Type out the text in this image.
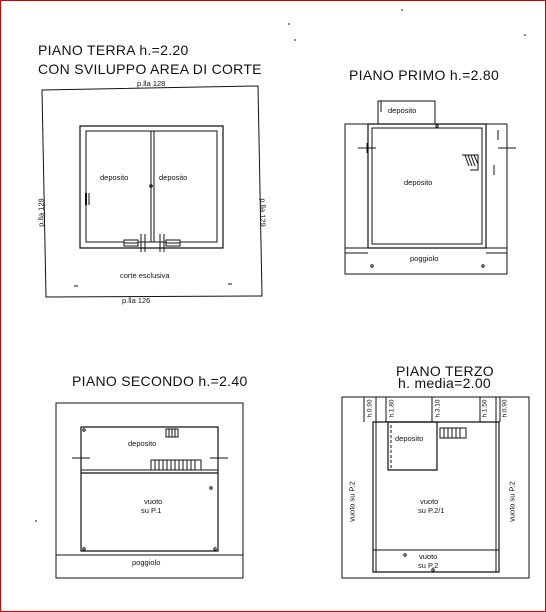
PIANO TERRA h.=2.20
CON SVILUPPO AREA DI CORTE
p.lla 128
deposito	deposito
p.lla 129	p.lla 129
corte esclusiva
p.lla 126
PIANO PRIMO h.=2.80
deposito
deposito
poggiolo
PIANO SECONDO h.=2.40
deposito
vuoto
su P.1
poggiolo
PIANO TERZO
h. media=2.00
h.0.90 h.1.80	h.3.10	h.1.50 h.0.90
deposito
vuoto
su P.2/1
vuoto
su P.2
vuoto su P.2	vuoto su P.2
